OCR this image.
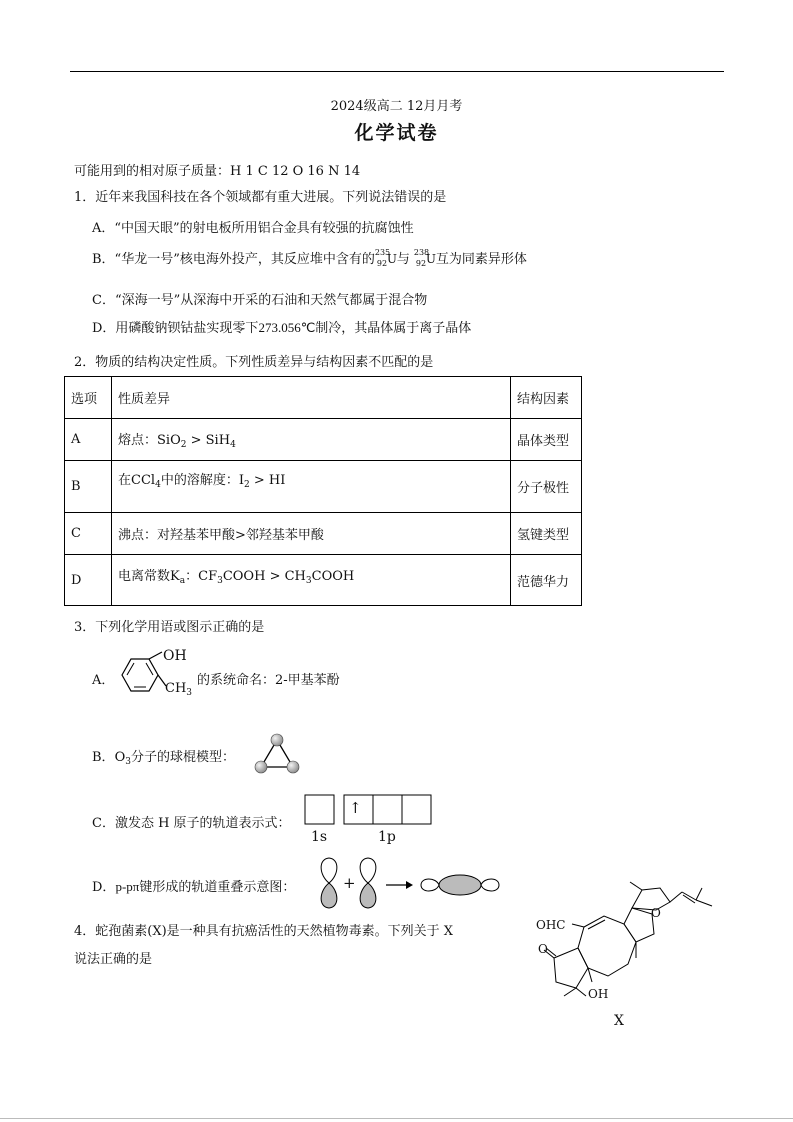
2024级高二 12月月考
化学试卷
可能用到的相对原子质量：H 1 C 12 O 16 N 14
1．近年来我国科技在各个领域都有重大进展。下列说法错误的是
A．“中国天眼”的射电板所用铝合金具有较强的抗腐蚀性
B．“华龙一号”核电海外投产，其反应堆中含有的 235
92 U 与 238
92 U 互为同素异形体
C．“深海一号”从深海中开采的石油和天然气都属于混合物
D．用磷酸钠钡钴盐实现零下273.056℃制冷，其晶体属于离子晶体
2．物质的结构决定性质。下列性质差异与结构因素不匹配的是
选项	性质差异	结构因素
A	熔点：SiO$_2$ > SiH$_4$	晶体类型
B	在CCl$_4$中的溶解度：$I_2$ > HI	分子极性
C	沸点：对羟基苯甲酸>邻羟基苯甲酸	氢键类型
D	电离常数$K_a$：$CF_3COOH$ > $CH_3COOH$	范德华力
3．下列化学用语或图示正确的是
A．
OH
$CH_3$
的系统命名：2-甲基苯酚
B．$O_3$分子的球棍模型：
C．激发态 H 原子的轨道表示式：
↑
1s	1p
D．p-pπ键形成的轨道重叠示意图：	+
4．蛇孢菌素(X)是一种具有抗癌活性的天然植物毒素。下列关于 X
说法正确的是
OHC
O
OH
O
X
